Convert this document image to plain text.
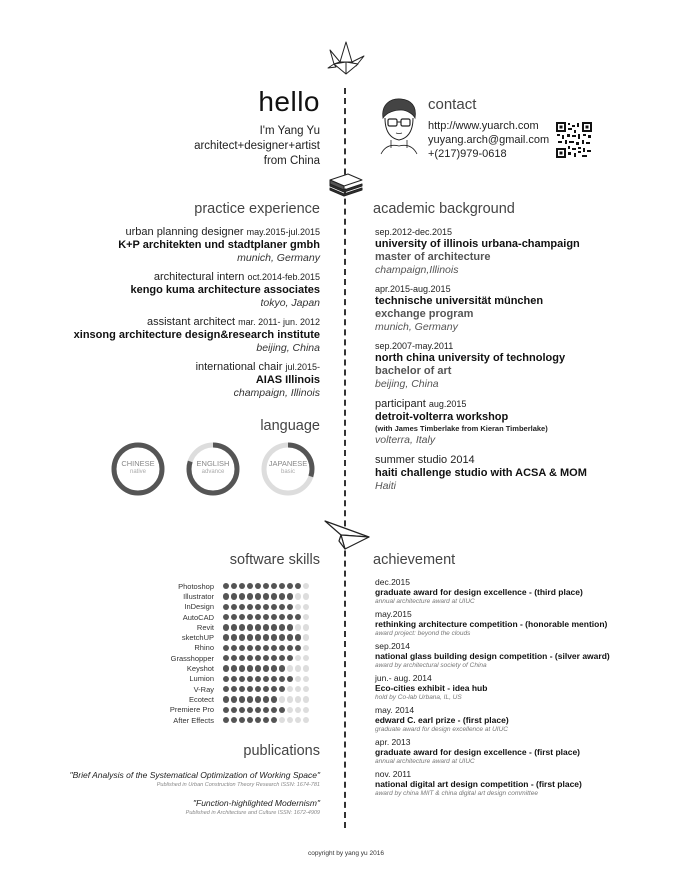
hello
I'm Yang Yu
architect+designer+artist
from China
contact
http://www.yuarch.com
yuyang.arch@gmail.com
+(217)979-0618
practice experience
urban planning designer may.2015-jul.2015
K+P architekten und stadtplaner gmbh
munich, Germany
architectural intern oct.2014-feb.2015
kengo kuma architecture associates
tokyo, Japan
assistant architect mar. 2011- jun. 2012
xinsong architecture design&research institute
beijing, China
international chair jul.2015-
AIAS Illinois
champaign, Illinois
academic background
sep.2012-dec.2015
university of illinois urbana-champaign
master of architecture
champaign,Illinois
apr.2015-aug.2015
technische universität münchen
exchange program
munich, Germany
sep.2007-may.2011
north china university of technology
bachelor of art
beijing, China
participant aug.2015
detroit-volterra workshop
(with James Timberlake from Kieran Timberlake)
volterra, Italy
summer studio 2014
haiti challenge studio with ACSA & MOM
Haiti
language
CHINESE
native
ENGLISH
advance
JAPANESE
basic
software skills
Photoshop
Illustrator
InDesign
AutoCAD
Revit
sketchUP
Rhino
Grasshopper
Keyshot
Lumion
V-Ray
Ecotect
Premiere Pro
After Effects
achievement
dec.2015
graduate award for design excellence - (third place)
annual architecture award at UIUC
may.2015
rethinking architecture competition - (honorable mention)
award project: beyond the clouds
sep.2014
national glass building design competition - (silver award)
award by architectural society of China
jun.- aug. 2014
Eco-cities exhibit - idea hub
hold by Co-lab Urbana, IL, US
may. 2014
edward C. earl prize - (first place)
graduate award for design excellence at UIUC
apr. 2013
graduate award for design excellence - (first place)
annual architecture award at UIUC
nov. 2011
national digital art design competition - (first place)
award by china MIIT & china digital art design committee
publications
"Brief Analysis of the Systematical Optimization of Working Space"
Published in Urban Construction Theory Research ISSN: 1674-781
"Function-highlighted Modernism"
Published in Architecture and Culture ISSN: 1672-4909
copyright by yang yu 2016
